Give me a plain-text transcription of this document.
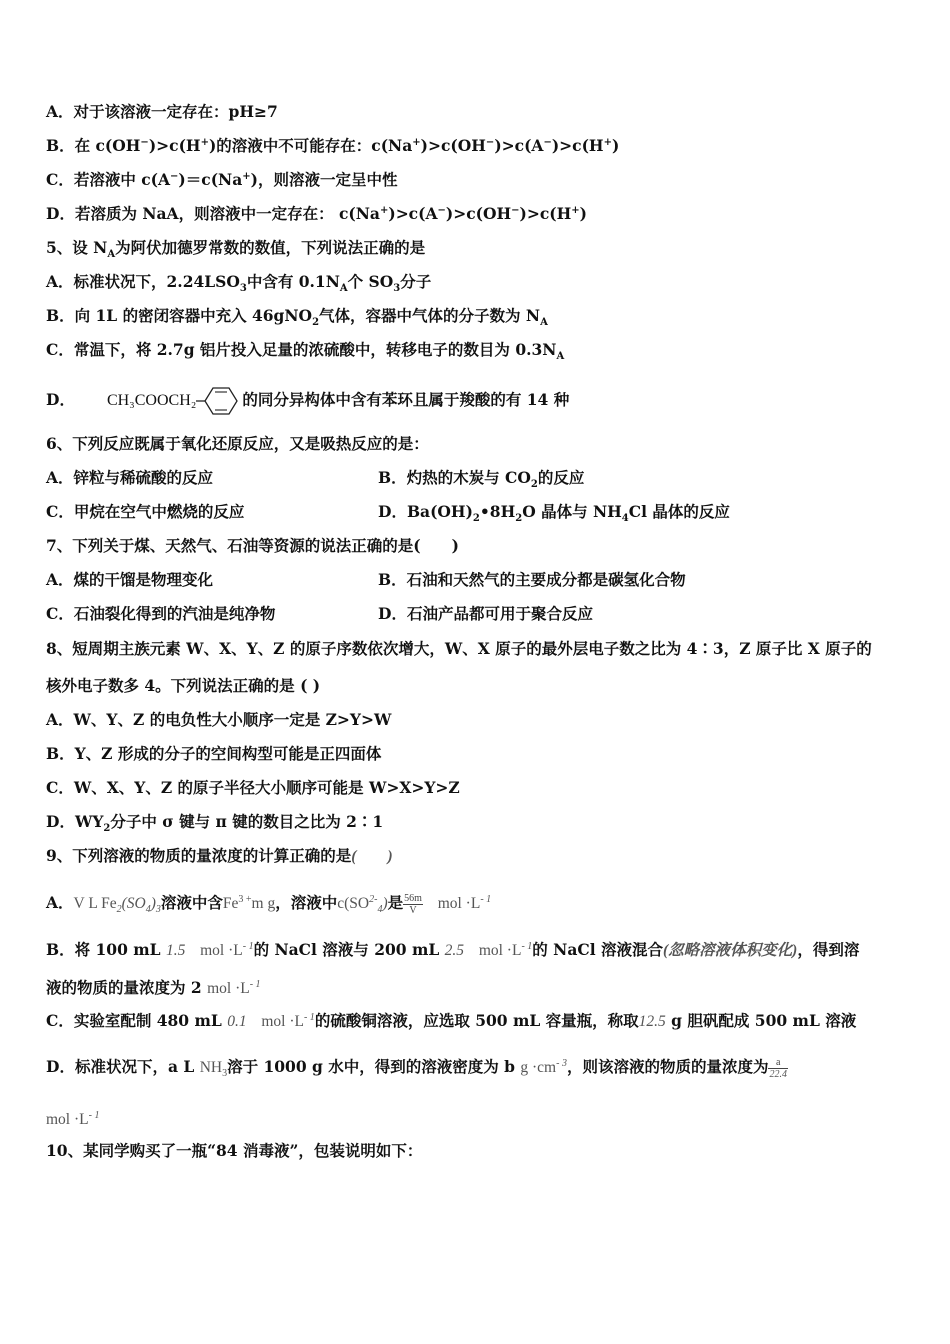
A．对于该溶液一定存在：pH≥7
B．在 c(OH−)>c(H+)的溶液中不可能存在：c(Na+)>c(OH−)>c(A−)>c(H+)
C．若溶液中 c(A−)＝c(Na+)，则溶液一定呈中性
D．若溶质为 NaA，则溶液中一定存在： c(Na+)>c(A−)>c(OH−)>c(H+)
5、设 $N_A$为阿伏加德罗常数的数值，下列说法正确的是
A．标准状况下，$2.24LSO_3$中含有 $0.1N_A$个 $SO_3$分子
B．向 1L 的密闭容器中充入 46gNO$_2$气体，容器中气体的分子数为 $N_A$
C．常温下，将 2.7g 铝片投入足量的浓硫酸中，转移电子的数目为 $0.3N_A$
D． CH₃COOCH₂	的同分异构体中含有苯环且属于羧酸的有 14 种
6、下列反应既属于氧化还原反应，又是吸热反应的是：
A．锌粒与稀硫酸的反应	B．灼热的木炭与 $CO_2$的反应
C．甲烷在空气中燃烧的反应	D．$Ba(OH)_2•8H_2O$ 晶体与 $NH_4Cl$ 晶体的反应
7、下列关于煤、天然气、石油等资源的说法正确的是(　　)
A．煤的干馏是物理变化	B．石油和天然气的主要成分都是碳氢化合物
C．石油裂化得到的汽油是纯净物	D．石油产品都可用于聚合反应
8、短周期主族元素 W、X、Y、Z 的原子序数依次增大，W、X 原子的最外层电子数之比为 4∶3，Z 原子比 X 原子的
核外电子数多 4。下列说法正确的是 ( )
A．W、Y、Z 的电负性大小顺序一定是 Z>Y>W
B．Y、Z 形成的分子的空间构型可能是正四面体
C．W、X、Y、Z 的原子半径大小顺序可能是 W>X>Y>Z
D．$WY_2$分子中 σ 键与 π 键的数目之比为 2∶1
9、下列溶液的物质的量浓度的计算正确的是(　　)
A．V L $Fe_2(SO_4)_3$溶液中含$Fe^{3 +}m$ g，溶液中$c(SO^{2-}_4)$是 $\frac{56m}{V}$ mol $\cdot L^{- 1}$
B．将 100 mL 1.5 mol $\cdot L^{- 1}$的 NaCl 溶液与 200 mL 2.5 mol $\cdot L^{- 1}$的 NaCl 溶液混合(忽略溶液体积变化)，得到溶
液的物质的量浓度为 2 mol $\cdot L^{- 1}$
C．实验室配制 480 mL 0.1 mol $\cdot L^{- 1}$的硫酸铜溶液，应选取 500 mL 容量瓶，称取12.5 g 胆矾配成 500 mL 溶液
D．标准状况下，a L $NH_3$溶于 1000 g 水中，得到的溶液密度为 b $g \cdot cm^{- 3}$，则该溶液的物质的量浓度为 $\frac{a}{22.4}$
mol $\cdot L^{- 1}$
10、某同学购买了一瓶“84 消毒液”，包装说明如下：
